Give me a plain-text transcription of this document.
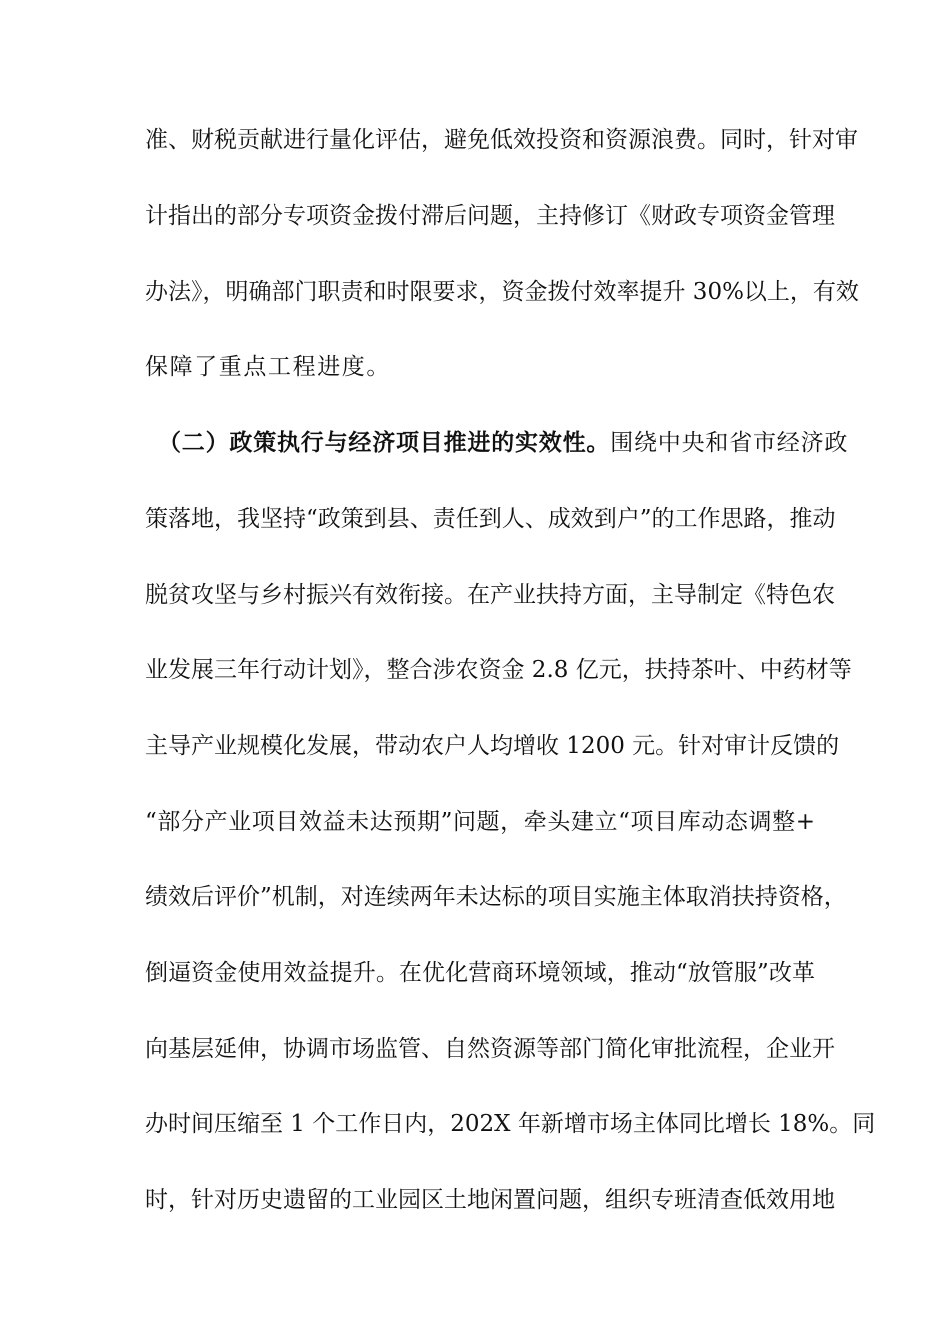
准、财税贡献进行量化评估，避免低效投资和资源浪费。同时，针对审
计指出的部分专项资金拨付滞后问题，主持修订《财政专项资金管理
办法》，明确部门职责和时限要求，资金拨付效率提升 30%以上，有效
保障了重点工程进度。
（二）政策执行与经济项目推进的实效性。围绕中央和省市经济政
策落地，我坚持“政策到县、责任到人、成效到户”的工作思路，推动
脱贫攻坚与乡村振兴有效衔接。在产业扶持方面，主导制定《特色农
业发展三年行动计划》，整合涉农资金 2.8 亿元，扶持茶叶、中药材等
主导产业规模化发展，带动农户人均增收 1200 元。针对审计反馈的
“部分产业项目效益未达预期”问题，牵头建立“项目库动态调整+
绩效后评价”机制，对连续两年未达标的项目实施主体取消扶持资格，
倒逼资金使用效益提升。在优化营商环境领域，推动“放管服”改革
向基层延伸，协调市场监管、自然资源等部门简化审批流程，企业开
办时间压缩至 1 个工作日内，202X 年新增市场主体同比增长 18%。同
时，针对历史遗留的工业园区土地闲置问题，组织专班清查低效用地
